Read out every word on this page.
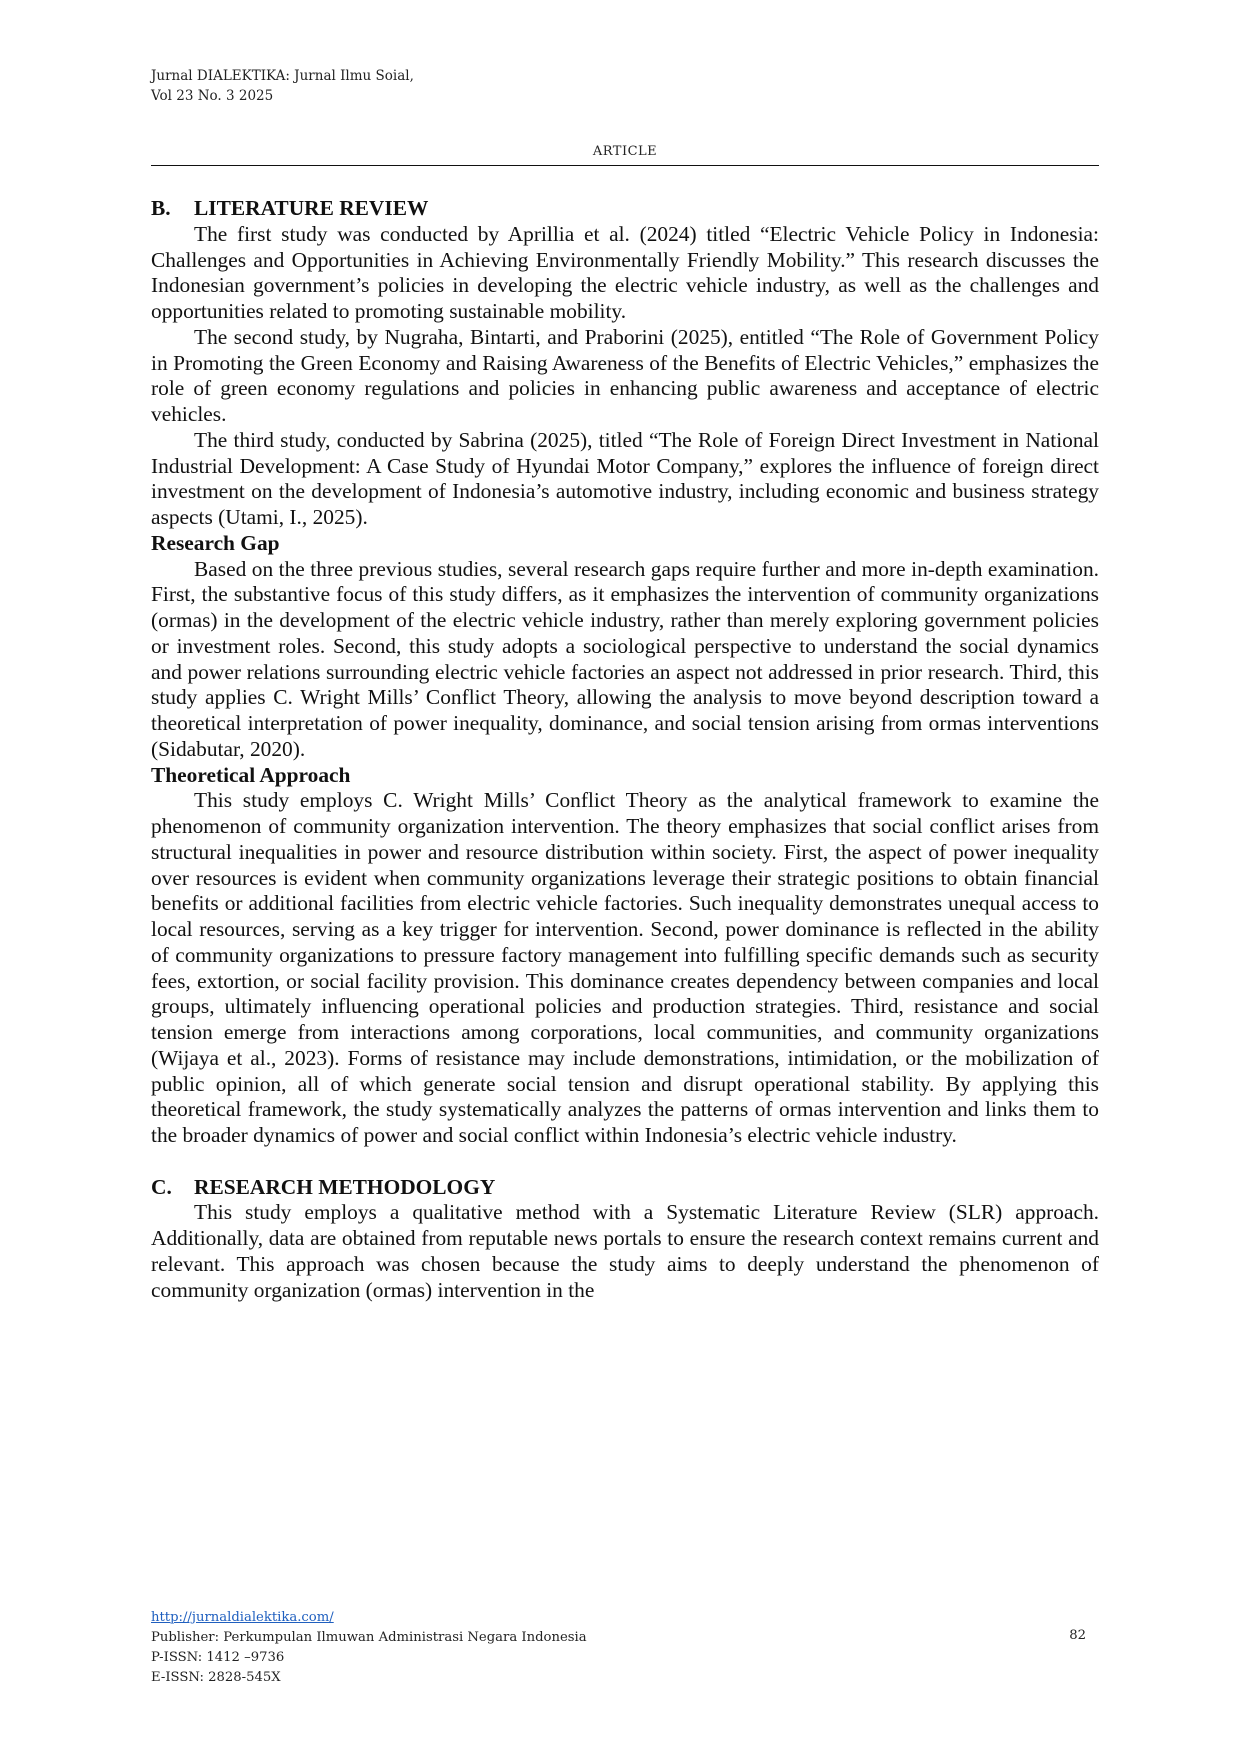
Jurnal DIALEKTIKA: Jurnal Ilmu Soial,
Vol 23 No. 3 2025
ARTICLE
B. LITERATURE REVIEW

The first study was conducted by Aprillia et al. (2024) titled “Electric Vehicle Policy in Indonesia: Challenges and Opportunities in Achieving Environmentally Friendly Mobility.” This research discusses the Indonesian government’s policies in developing the electric vehicle industry, as well as the challenges and opportunities related to promoting sustainable mobility.

The second study, by Nugraha, Bintarti, and Praborini (2025), entitled “The Role of Government Policy in Promoting the Green Economy and Raising Awareness of the Benefits of Electric Vehicles,” emphasizes the role of green economy regulations and policies in enhancing public awareness and acceptance of electric vehicles.

The third study, conducted by Sabrina (2025), titled “The Role of Foreign Direct Investment in National Industrial Development: A Case Study of Hyundai Motor Company,” explores the influence of foreign direct investment on the development of Indonesia’s automotive industry, including economic and business strategy aspects (Utami, I., 2025).

Research Gap

Based on the three previous studies, several research gaps require further and more in-depth examination. First, the substantive focus of this study differs, as it emphasizes the intervention of community organizations (ormas) in the development of the electric vehicle industry, rather than merely exploring government policies or investment roles. Second, this study adopts a sociological perspective to understand the social dynamics and power relations surrounding electric vehicle factories an aspect not addressed in prior research. Third, this study applies C. Wright Mills’ Conflict Theory, allowing the analysis to move beyond description toward a theoretical interpretation of power inequality, dominance, and social tension arising from ormas interventions (Sidabutar, 2020).

Theoretical Approach

This study employs C. Wright Mills’ Conflict Theory as the analytical framework to examine the phenomenon of community organization intervention. The theory emphasizes that social conflict arises from structural inequalities in power and resource distribution within society. First, the aspect of power inequality over resources is evident when community organizations leverage their strategic positions to obtain financial benefits or additional facilities from electric vehicle factories. Such inequality demonstrates unequal access to local resources, serving as a key trigger for intervention. Second, power dominance is reflected in the ability of community organizations to pressure factory management into fulfilling specific demands such as security fees, extortion, or social facility provision. This dominance creates dependency between companies and local groups, ultimately influencing operational policies and production strategies. Third, resistance and social tension emerge from interactions among corporations, local communities, and community organizations (Wijaya et al., 2023). Forms of resistance may include demonstrations, intimidation, or the mobilization of public opinion, all of which generate social tension and disrupt operational stability. By applying this theoretical framework, the study systematically analyzes the patterns of ormas intervention and links them to the broader dynamics of power and social conflict within Indonesia’s electric vehicle industry.

C. RESEARCH METHODOLOGY

This study employs a qualitative method with a Systematic Literature Review (SLR) approach. Additionally, data are obtained from reputable news portals to ensure the research context remains current and relevant. This approach was chosen because the study aims to deeply understand the phenomenon of community organization (ormas) intervention in the

http://jurnaldialektika.com/
Publisher: Perkumpulan Ilmuwan Administrasi Negara Indonesia
P-ISSN: 1412 –9736
E-ISSN: 2828-545X
82
